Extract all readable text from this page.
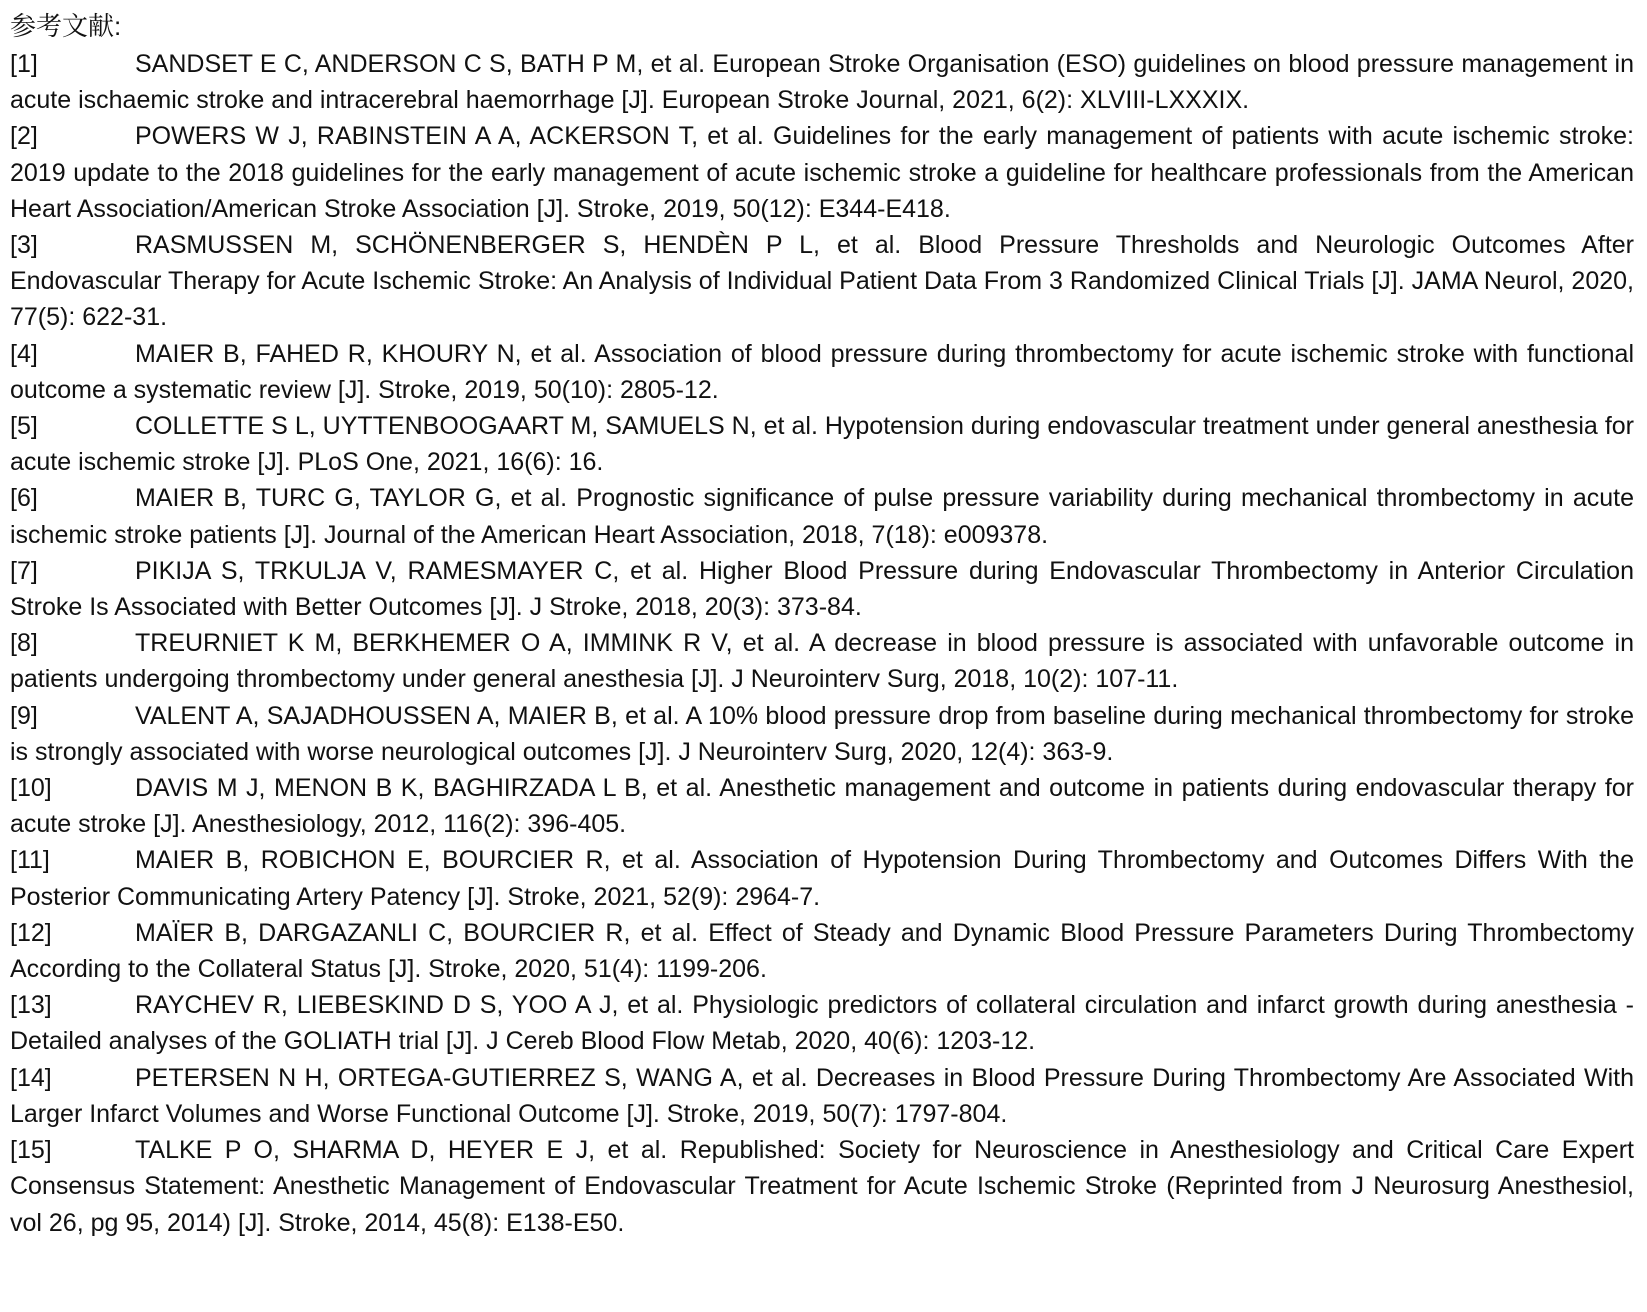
参考文献:
[1]	SANDSET E C, ANDERSON C S, BATH P M, et al. European Stroke Organisation (ESO) guidelines on blood pressure management in acute ischaemic stroke and intracerebral haemorrhage [J]. European Stroke Journal, 2021, 6(2): XLVIII-LXXXIX.
[2]	POWERS W J, RABINSTEIN A A, ACKERSON T, et al. Guidelines for the early management of patients with acute ischemic stroke: 2019 update to the 2018 guidelines for the early management of acute ischemic stroke a guideline for healthcare professionals from the American Heart Association/American Stroke Association [J]. Stroke, 2019, 50(12): E344-E418.
[3]	RASMUSSEN M, SCHÖNENBERGER S, HENDÈN P L, et al. Blood Pressure Thresholds and Neurologic Outcomes After Endovascular Therapy for Acute Ischemic Stroke: An Analysis of Individual Patient Data From 3 Randomized Clinical Trials [J]. JAMA Neurol, 2020, 77(5): 622-31.
[4]	MAIER B, FAHED R, KHOURY N, et al. Association of blood pressure during thrombectomy for acute ischemic stroke with functional outcome a systematic review [J]. Stroke, 2019, 50(10): 2805-12.
[5]	COLLETTE S L, UYTTENBOOGAART M, SAMUELS N, et al. Hypotension during endovascular treatment under general anesthesia for acute ischemic stroke [J]. PLoS One, 2021, 16(6): 16.
[6]	MAIER B, TURC G, TAYLOR G, et al. Prognostic significance of pulse pressure variability during mechanical thrombectomy in acute ischemic stroke patients [J]. Journal of the American Heart Association, 2018, 7(18): e009378.
[7]	PIKIJA S, TRKULJA V, RAMESMAYER C, et al. Higher Blood Pressure during Endovascular Thrombectomy in Anterior Circulation Stroke Is Associated with Better Outcomes [J]. J Stroke, 2018, 20(3): 373-84.
[8]	TREURNIET K M, BERKHEMER O A, IMMINK R V, et al. A decrease in blood pressure is associated with unfavorable outcome in patients undergoing thrombectomy under general anesthesia [J]. J Neurointerv Surg, 2018, 10(2): 107-11.
[9]	VALENT A, SAJADHOUSSEN A, MAIER B, et al. A 10% blood pressure drop from baseline during mechanical thrombectomy for stroke is strongly associated with worse neurological outcomes [J]. J Neurointerv Surg, 2020, 12(4): 363-9.
[10]	DAVIS M J, MENON B K, BAGHIRZADA L B, et al. Anesthetic management and outcome in patients during endovascular therapy for acute stroke [J]. Anesthesiology, 2012, 116(2): 396-405.
[11]	MAIER B, ROBICHON E, BOURCIER R, et al. Association of Hypotension During Thrombectomy and Outcomes Differs With the Posterior Communicating Artery Patency [J]. Stroke, 2021, 52(9): 2964-7.
[12]	MAÏER B, DARGAZANLI C, BOURCIER R, et al. Effect of Steady and Dynamic Blood Pressure Parameters During Thrombectomy According to the Collateral Status [J]. Stroke, 2020, 51(4): 1199-206.
[13]	RAYCHEV R, LIEBESKIND D S, YOO A J, et al. Physiologic predictors of collateral circulation and infarct growth during anesthesia - Detailed analyses of the GOLIATH trial [J]. J Cereb Blood Flow Metab, 2020, 40(6): 1203-12.
[14]	PETERSEN N H, ORTEGA-GUTIERREZ S, WANG A, et al. Decreases in Blood Pressure During Thrombectomy Are Associated With Larger Infarct Volumes and Worse Functional Outcome [J]. Stroke, 2019, 50(7): 1797-804.
[15]	TALKE P O, SHARMA D, HEYER E J, et al. Republished: Society for Neuroscience in Anesthesiology and Critical Care Expert Consensus Statement: Anesthetic Management of Endovascular Treatment for Acute Ischemic Stroke (Reprinted from J Neurosurg Anesthesiol, vol 26, pg 95, 2014) [J]. Stroke, 2014, 45(8): E138-E50.
